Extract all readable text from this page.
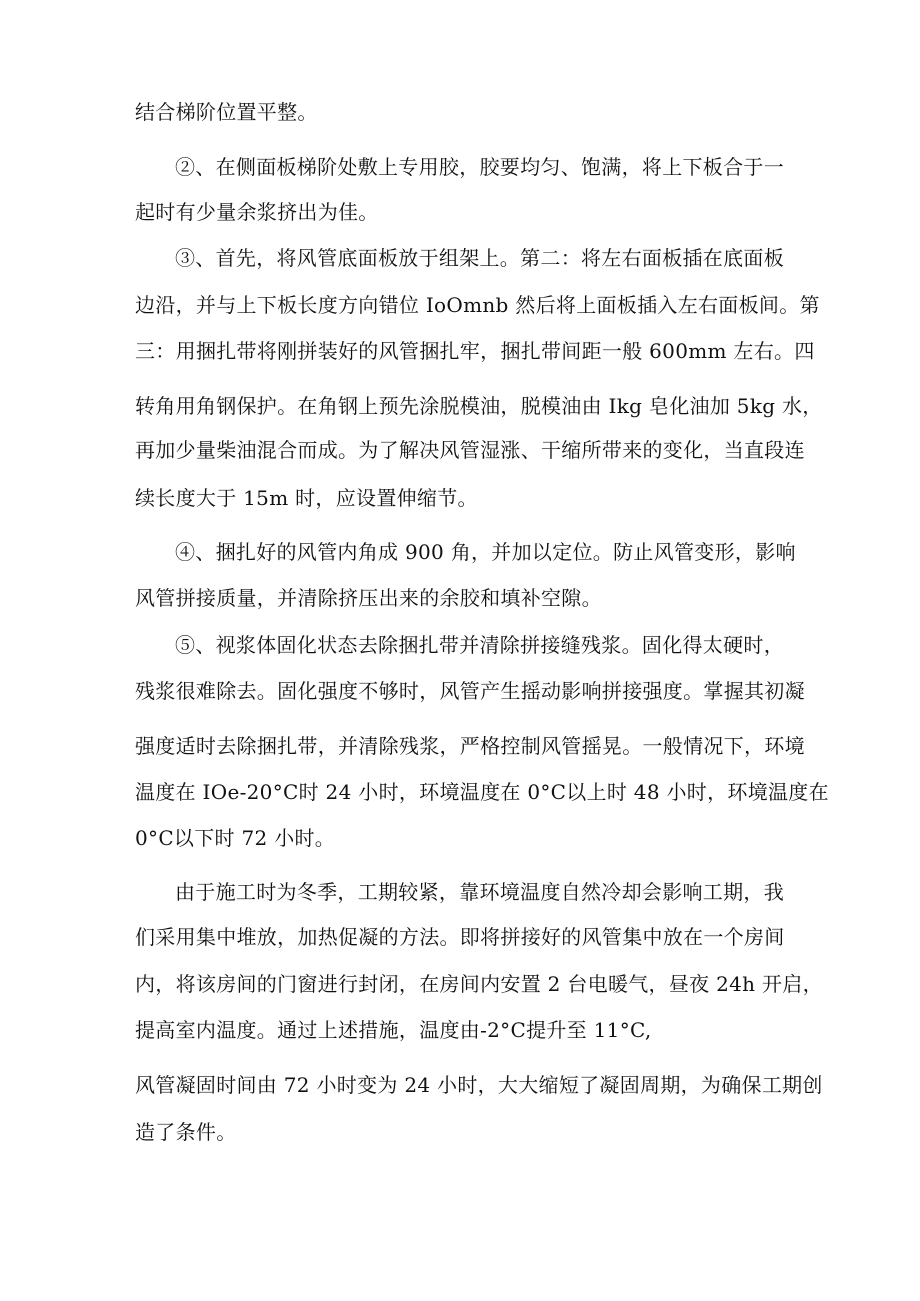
结合梯阶位置平整。
②、在侧面板梯阶处敷上专用胶，胶要均匀、饱满，将上下板合于一
起时有少量余浆挤出为佳。
③、首先，将风管底面板放于组架上。第二：将左右面板插在底面板
边沿，并与上下板长度方向错位 IoOmnb 然后将上面板插入左右面板间。第
三：用捆扎带将刚拼装好的风管捆扎牢，捆扎带间距一般 600mm 左右。四
转角用角钢保护。在角钢上预先涂脱模油，脱模油由 Ikg 皂化油加 5kg 水，
再加少量柴油混合而成。为了解决风管湿涨、干缩所带来的变化，当直段连
续长度大于 15m 时，应设置伸缩节。
④、捆扎好的风管内角成 900 角，并加以定位。防止风管变形，影响
风管拼接质量，并清除挤压出来的余胶和填补空隙。
⑤、视浆体固化状态去除捆扎带并清除拼接缝残浆。固化得太硬时，
残浆很难除去。固化强度不够时，风管产生摇动影响拼接强度。掌握其初凝
强度适时去除捆扎带，并清除残浆，严格控制风管摇晃。一般情况下，环境
温度在 IOe-20°C时 24 小时，环境温度在 0°C以上时 48 小时，环境温度在
0°C以下时 72 小时。
由于施工时为冬季，工期较紧，靠环境温度自然冷却会影响工期，我
们采用集中堆放，加热促凝的方法。即将拼接好的风管集中放在一个房间
内，将该房间的门窗进行封闭，在房间内安置 2 台电暖气，昼夜 24h 开启，
提高室内温度。通过上述措施，温度由-2°C提升至 11°C,
风管凝固时间由 72 小时变为 24 小时，大大缩短了凝固周期，为确保工期创
造了条件。
